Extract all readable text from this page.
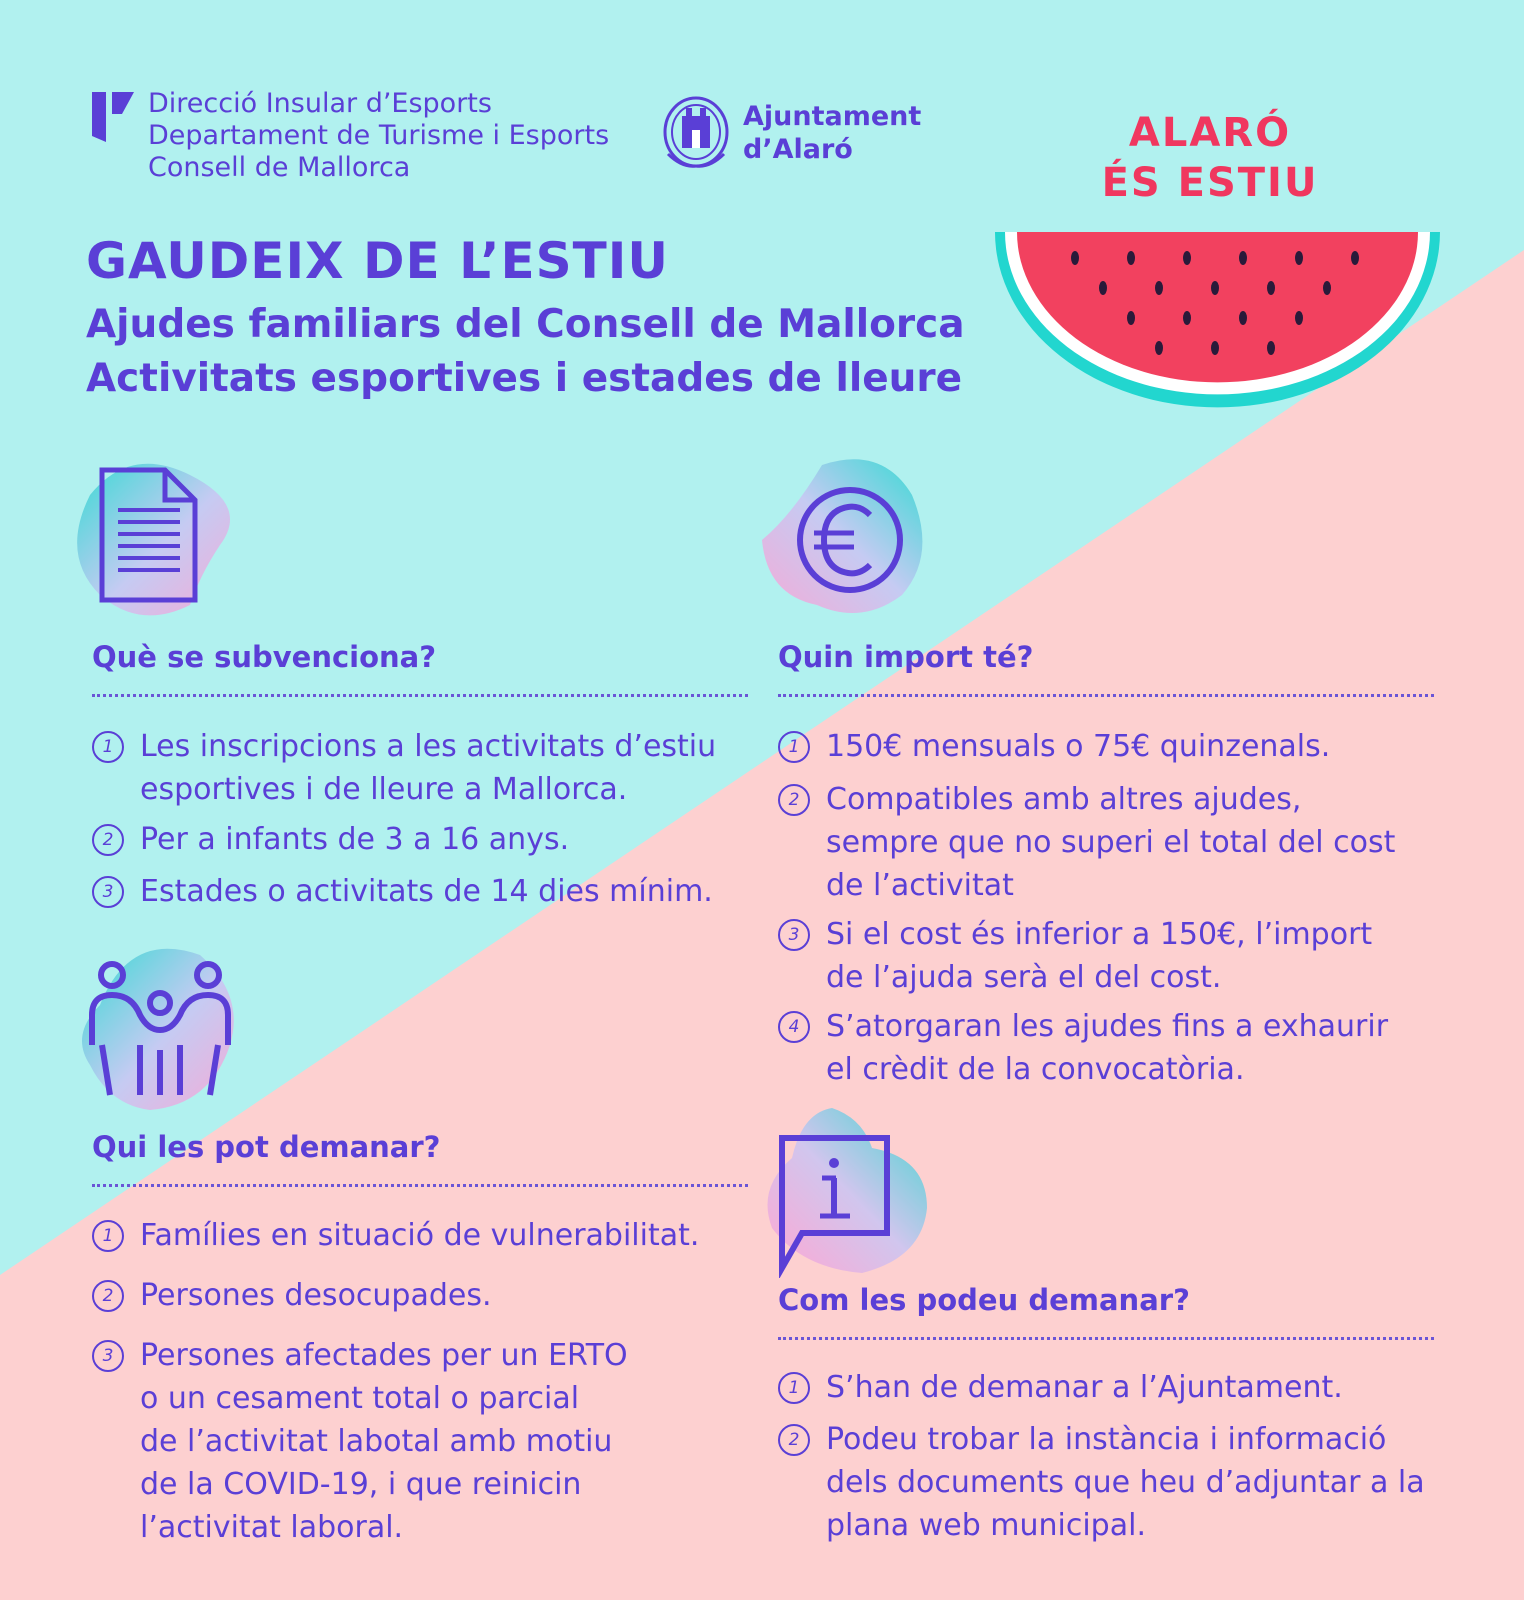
Direcció Insular d’Esports
Departament de Turisme i Esports
Consell de Mallorca
Ajuntament
d’Alaró	ALARÓ
ÉS ESTIU
GAUDEIX DE L’ESTIU
Ajudes familiars del Consell de Mallorca
Activitats esportives i estades de lleure
Què se subvenciona?
1 Les inscripcions a les activitats d’estiu
esportives i de lleure a Mallorca.
2 Per a infants de 3 a 16 anys.
3 Estades o activitats de 14 dies mínim.
Quin import té?
1 150€ mensuals o 75€ quinzenals.
2 Compatibles amb altres ajudes,
sempre que no superi el total del cost
de l’activitat
3 Si el cost és inferior a 150€, l’import
de l’ajuda serà el del cost.
4 S’atorgaran les ajudes fins a exhaurir
el crèdit de la convocatòria.
Qui les pot demanar?
1 Famílies en situació de vulnerabilitat.
2 Persones desocupades.
3 Persones afectades per un ERTO
o un cesament total o parcial
de l’activitat labotal amb motiu
de la COVID-19, i que reinicin
l’activitat laboral.
Com les podeu demanar?
1 S’han de demanar a l’Ajuntament.
2 Podeu trobar la instància i informació
dels documents que heu d’adjuntar a la
plana web municipal.
